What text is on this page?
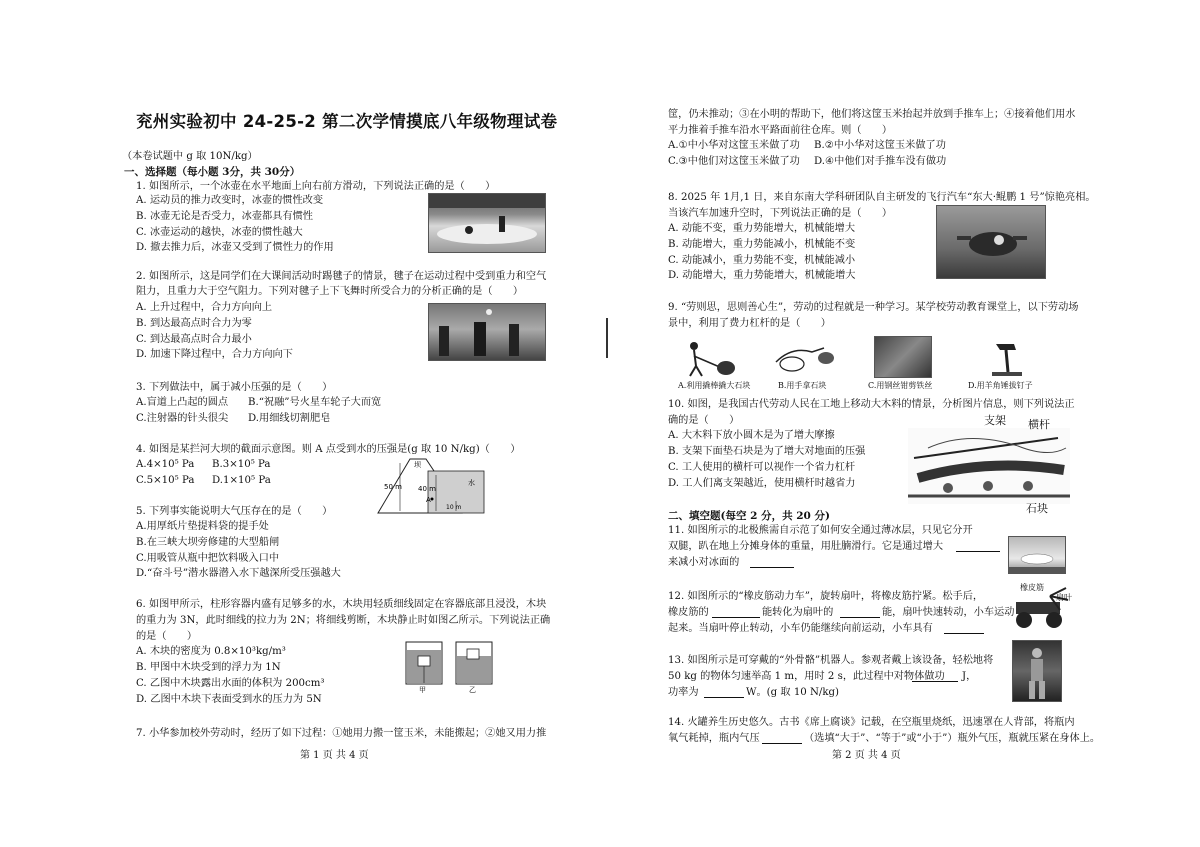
兖州实验初中 24-25-2 第二次学情摸底八年级物理试卷
（本卷试题中 g 取 10N/kg）
一、选择题（每小题 3分，共 30分）
1. 如图所示，一个冰壶在水平地面上向右前方滑动，下列说法正确的是（　　）
A. 运动员的推力改变时，冰壶的惯性改变
B. 冰壶无论是否受力，冰壶都具有惯性
C. 冰壶运动的越快，冰壶的惯性越大
D. 撤去推力后，冰壶又受到了惯性力的作用
2. 如图所示，这是同学们在大课间活动时踢毽子的情景，毽子在运动过程中受到重力和空气
阻力，且重力大于空气阻力。下列对毽子上下飞舞时所受合力的分析正确的是（　　）
A. 上升过程中，合力方向向上
B. 到达最高点时合力为零
C. 到达最高点时合力最小
D. 加速下降过程中，合力方向向下
3. 下列做法中，属于减小压强的是（　　）
A.盲道上凸起的圆点 B.“祝融”号火星车轮子大而宽
C.注射器的针头很尖 D.用细线切割肥皂
4. 如图是某拦河大坝的截面示意图。则 A 点受到水的压强是(g 取 10 N/kg)（　　）
A.4×10⁵ Pa B.3×10⁵ Pa
C.5×10⁵ Pa D.1×10⁵ Pa
坝
50 m 40 m
10 m
A
水
5. 下列事实能说明大气压存在的是（　　）
A.用厚纸片垫提料袋的提手处
B.在三峡大坝旁修建的大型船闸
C.用吸管从瓶中把饮料吸入口中
D.“奋斗号”潜水器潜入水下越深所受压强越大
6. 如图甲所示，柱形容器内盛有足够多的水，木块用轻质细线固定在容器底部且浸没，木块
的重力为 3N，此时细线的拉力为 2N；将细线剪断，木块静止时如图乙所示。下列说法正确
的是（　　）
A. 木块的密度为 0.8×10³kg/m³
B. 甲图中木块受到的浮力为 1N
C. 乙图中木块露出水面的体积为 200cm³
D. 乙图中木块下表面受到水的压力为 5N
甲	乙
7. 小华参加校外劳动时，经历了如下过程：①她用力搬一筐玉米，未能搬起；②她又用力推
第 1 页 共 4 页
筐，仍未推动；③在小明的帮助下，他们将这筐玉米抬起并放到手推车上；④接着他们用水
平力推着手推车沿水平路面前往仓库。则（　　）
A.①中小华对这筐玉米做了功 B.②中小华对这筐玉米做了功
C.③中他们对这筐玉米做了功 D.④中他们对手推车没有做功
8. 2025 年 1月,1 日，来自东南大学科研团队自主研发的飞行汽车“东大·鲲鹏 1 号”惊艳亮相。
当该汽车加速升空时，下列说法正确的是（　　）
A. 动能不变，重力势能增大，机械能增大
B. 动能增大，重力势能减小，机械能不变
C. 动能减小，重力势能不变，机械能减小
D. 动能增大，重力势能增大，机械能增大
9. “劳则思，思则善心生”，劳动的过程就是一种学习。某学校劳动教育课堂上，以下劳动场
景中，利用了费力杠杆的是（　　）
A.利用撬棒撬大石块	B.用手拿石块	C.用钢丝钳剪铁丝	D.用羊角锤拔钉子
10. 如图，是我国古代劳动人民在工地上移动大木料的情景，分析图片信息，则下列说法正
确的是（　　）
A. 大木料下放小圆木是为了增大摩擦
B. 支架下面垫石块是为了增大对地面的压强
C. 工人使用的横杆可以视作一个省力杠杆
D. 工人们离支架越近，使用横杆时越省力
支架 横杆
石块
二、填空题(每空 2 分，共 20 分)
11. 如图所示的北极熊需自示范了如何安全通过薄冰层，只见它分开
双腿，趴在地上分摊身体的重量，用肚腩滑行。它是通过增大
来减小对冰面的
12. 如图所示的“橡皮筋动力车”，旋转扇叶，将橡皮筋拧紧。松手后，
橡皮筋的	能转化为扇叶的	能，扇叶快速转动，小车运动
起来。当扇叶停止转动，小车仍能继续向前运动，小车具有
橡皮筋
扇叶
13. 如图所示是可穿戴的“外骨骼”机器人。参观者戴上该设备，轻松地将
50 kg 的物体匀速举高 1 m，用时 2 s，此过程中对物体做功 J，
功率为	W。(g 取 10 N/kg)
14. 火罐养生历史悠久。古书《席上腐谈》记载，在空瓶里烧纸，迅速罩在人背部，将瓶内
氧气耗掉，瓶内气压	（选填“大于”、“等于”或“小于”）瓶外气压，瓶就压紧在身体上。
第 2 页 共 4 页
